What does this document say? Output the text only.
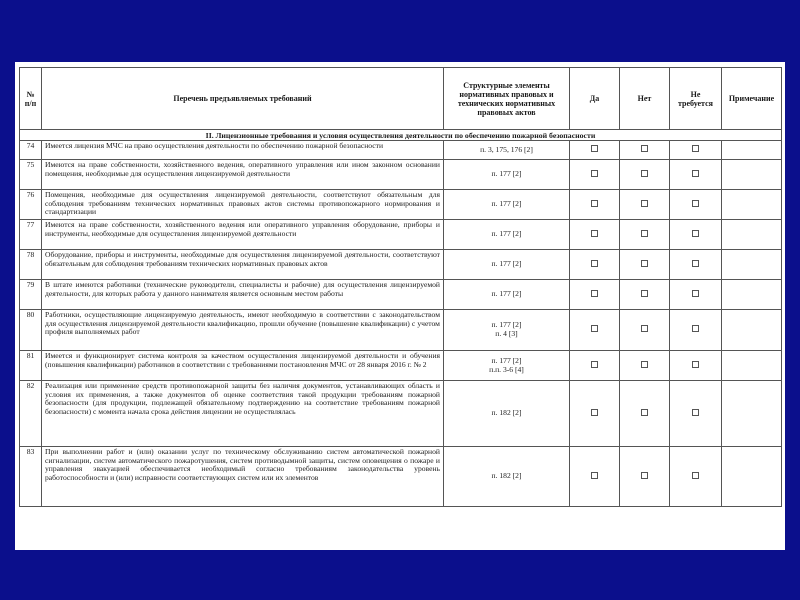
№ п/п	Перечень предъявляемых требований	Структурные элементы нормативных правовых и технических нормативных правовых актов	Да	Нет	Не требуется	Примечание
II. Лицензионные требования и условия осуществления деятельности по обеспечению пожарной безопасности						
74	Имеется лицензия МЧС на право осуществления деятельности по обеспечению пожарной безопасности	п. 3, 175, 176 [2]				

75	Имеются на праве собственности, хозяйственного ведения, оперативного управления или ином законном основании помещения, необходимые для осуществления лицензируемой деятельности	п. 177 [2]				

76	Помещения, необходимые для осуществления лицензируемой деятельности, соответствуют обязательным для соблюдения требованиям технических нормативных правовых актов системы противопожарного нормирования и стандартизации	п. 177 [2]				

77	Имеются на праве собственности, хозяйственного ведения или оперативного управления оборудование, приборы и инструменты, необходимые для осуществления лицензируемой деятельности	п. 177 [2]				

78	Оборудование, приборы и инструменты, необходимые для осуществления лицензируемой деятельности, соответствуют обязательным для соблюдения требованиям технических нормативных правовых актов	п. 177 [2]				

79	В штате имеются работники (технические руководители, специалисты и рабочие) для осуществления лицензируемой деятельности, для которых работа у данного нанимателя является основным местом работы	п. 177 [2]				

80	Работники, осуществляющие лицензируемую деятельность, имеют необходимую в соответствии с законодательством для осуществления лицензируемой деятельности квалификацию, прошли обучение (повышение квалификации) с учетом профиля выполняемых работ	п. 177 [2]
п. 4 [3]				

81	Имеется и функционирует система контроля за качеством осуществления лицензируемой деятельности и обучения (повышения квалификации) работников в соответствии с требованиями постановления МЧС от 28 января 2016 г. № 2	п. 177 [2]
п.п. 3-6 [4]				

82	Реализация или применение средств противопожарной защиты без наличия документов, устанавливающих область и условия их применения, а также документов об оценке соответствия такой продукции требованиям пожарной безопасности (для продукции, подлежащей обязательному подтверждению на соответствие требованиям пожарной безопасности) с момента начала срока действия лицензии не осуществлялась	п. 182 [2]				

83	При выполнении работ и (или) оказании услуг по техническому обслуживанию систем автоматической пожарной сигнализации, систем автоматического пожаротушения, систем противодымной защиты, систем оповещения о пожаре и управления эвакуацией обеспечивается необходимый согласно требованиям законодательства уровень работоспособности и (или) исправности соответствующих систем или их элементов	п. 182 [2]				
